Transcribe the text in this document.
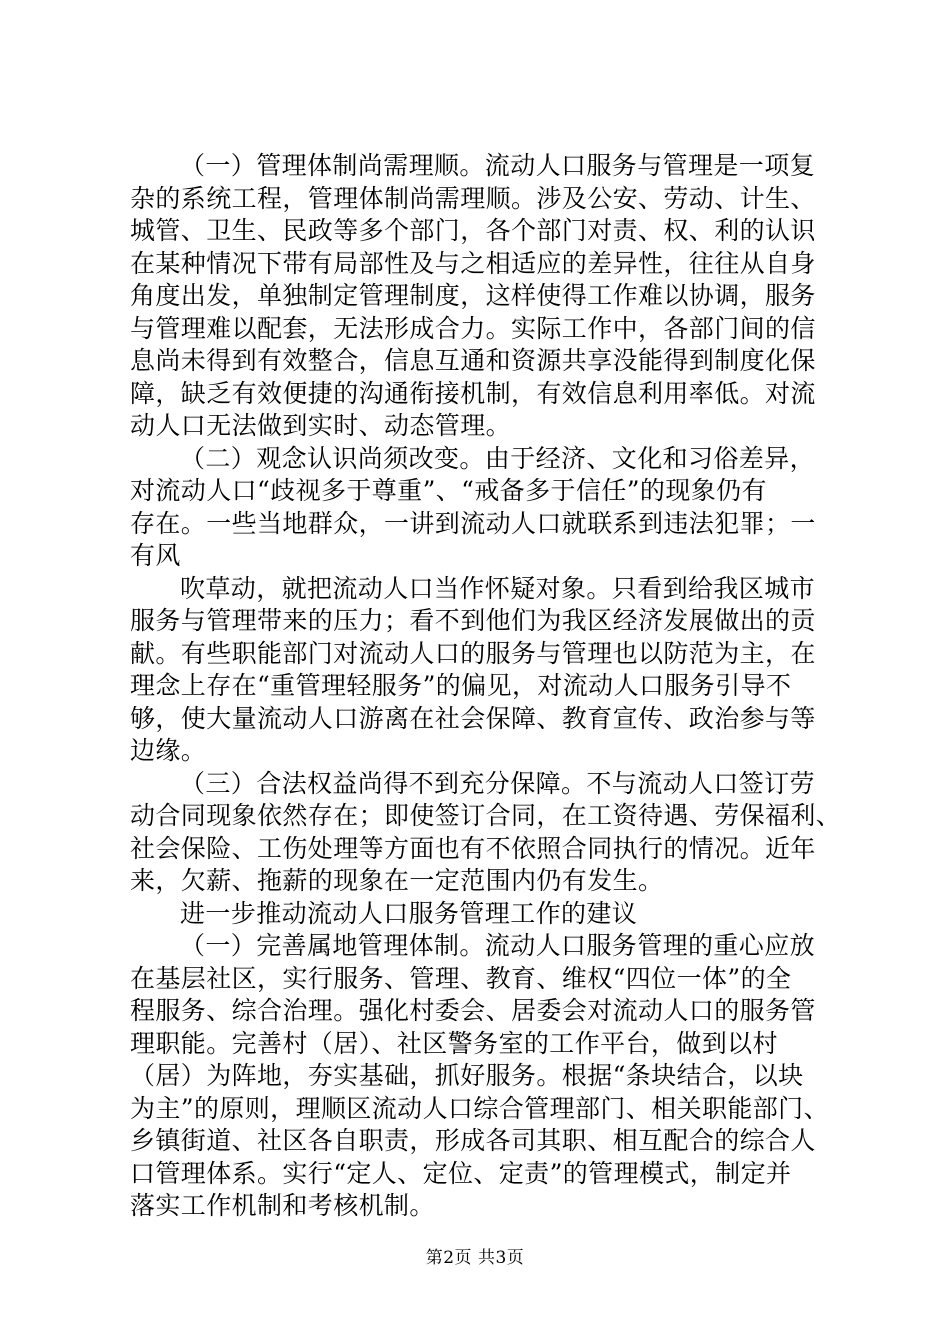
（一）管理体制尚需理顺。流动人口服务与管理是一项复
杂的系统工程，管理体制尚需理顺。涉及公安、劳动、计生、
城管、卫生、民政等多个部门，各个部门对责、权、利的认识
在某种情况下带有局部性及与之相适应的差异性，往往从自身
角度出发，单独制定管理制度，这样使得工作难以协调，服务
与管理难以配套，无法形成合力。实际工作中，各部门间的信
息尚未得到有效整合，信息互通和资源共享没能得到制度化保
障，缺乏有效便捷的沟通衔接机制，有效信息利用率低。对流
动人口无法做到实时、动态管理。
（二）观念认识尚须改变。由于经济、文化和习俗差异，
对流动人口“歧视多于尊重”、“戒备多于信任”的现象仍有
存在。一些当地群众，一讲到流动人口就联系到违法犯罪；一
有风
吹草动，就把流动人口当作怀疑对象。只看到给我区城市
服务与管理带来的压力；看不到他们为我区经济发展做出的贡
献。有些职能部门对流动人口的服务与管理也以防范为主，在
理念上存在“重管理轻服务”的偏见，对流动人口服务引导不
够，使大量流动人口游离在社会保障、教育宣传、政治参与等
边缘。
（三）合法权益尚得不到充分保障。不与流动人口签订劳
动合同现象依然存在；即使签订合同，在工资待遇、劳保福利、
社会保险、工伤处理等方面也有不依照合同执行的情况。近年
来，欠薪、拖薪的现象在一定范围内仍有发生。
进一步推动流动人口服务管理工作的建议
（一）完善属地管理体制。流动人口服务管理的重心应放
在基层社区，实行服务、管理、教育、维权“四位一体”的全
程服务、综合治理。强化村委会、居委会对流动人口的服务管
理职能。完善村（居）、社区警务室的工作平台，做到以村
（居）为阵地，夯实基础，抓好服务。根据“条块结合，以块
为主”的原则，理顺区流动人口综合管理部门、相关职能部门、
乡镇街道、社区各自职责，形成各司其职、相互配合的综合人
口管理体系。实行“定人、定位、定责”的管理模式，制定并
落实工作机制和考核机制。
第2页 共3页
